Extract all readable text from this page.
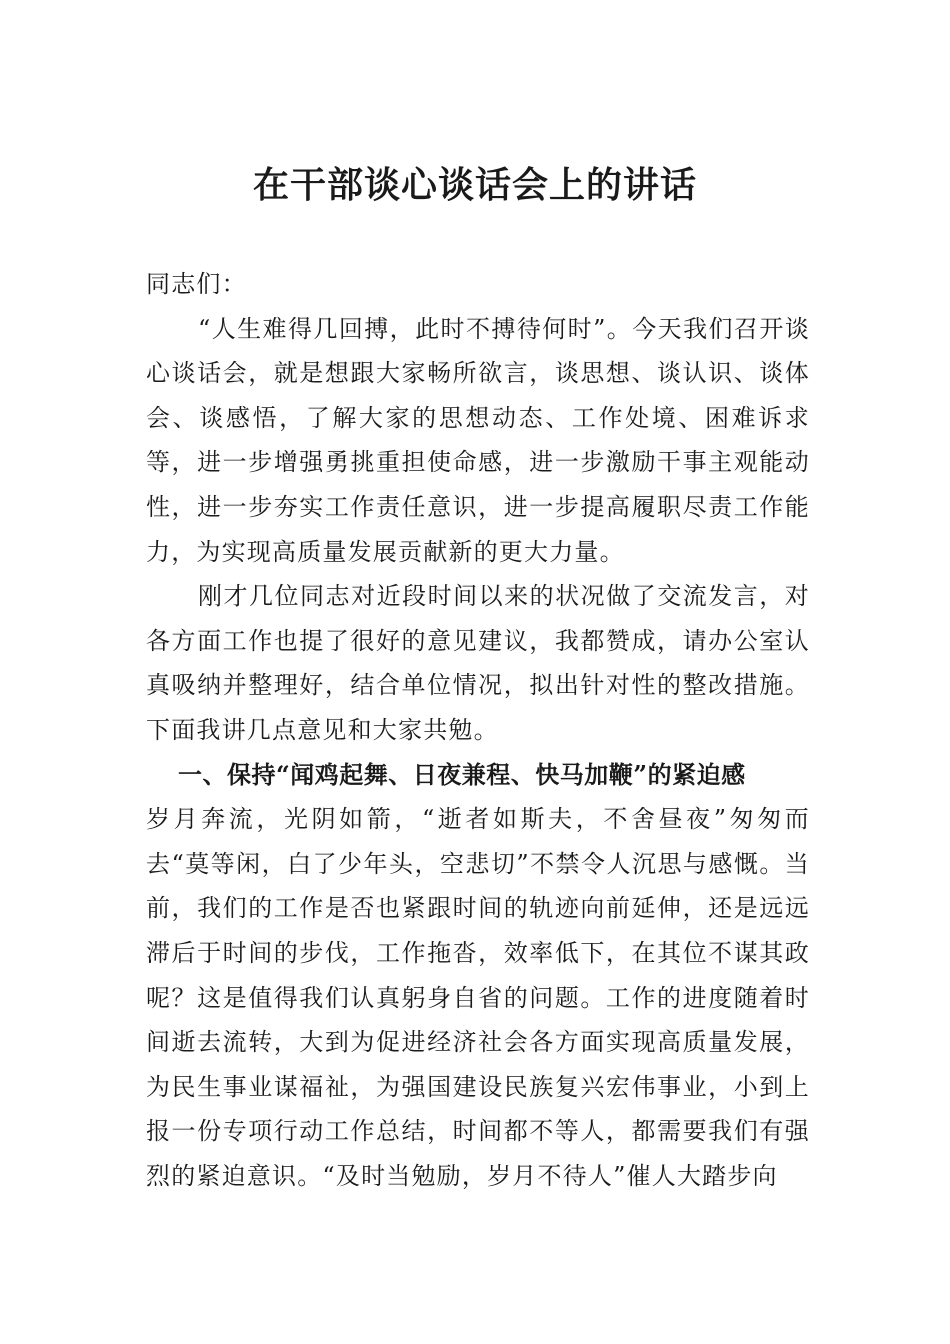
在干部谈心谈话会上的讲话

同志们：

“人生难得几回搏，此时不搏待何时”。今天我们召开谈心谈话会，就是想跟大家畅所欲言，谈思想、谈认识、谈体会、谈感悟，了解大家的思想动态、工作处境、困难诉求等，进一步增强勇挑重担使命感，进一步激励干事主观能动性，进一步夯实工作责任意识，进一步提高履职尽责工作能力，为实现高质量发展贡献新的更大力量。

刚才几位同志对近段时间以来的状况做了交流发言，对各方面工作也提了很好的意见建议，我都赞成，请办公室认真吸纳并整理好，结合单位情况，拟出针对性的整改措施。下面我讲几点意见和大家共勉。

一、保持“闻鸡起舞、日夜兼程、快马加鞭”的紧迫感

岁月奔流，光阴如箭，“逝者如斯夫，不舍昼夜”匆匆而去“莫等闲，白了少年头，空悲切”不禁令人沉思与感慨。当前，我们的工作是否也紧跟时间的轨迹向前延伸，还是远远滞后于时间的步伐，工作拖沓，效率低下，在其位不谋其政呢？这是值得我们认真躬身自省的问题。工作的进度随着时间逝去流转，大到为促进经济社会各方面实现高质量发展，为民生事业谋福祉，为强国建设民族复兴宏伟事业，小到上报一份专项行动工作总结，时间都不等人，都需要我们有强烈的紧迫意识。“及时当勉励，岁月不待人”催人大踏步向
